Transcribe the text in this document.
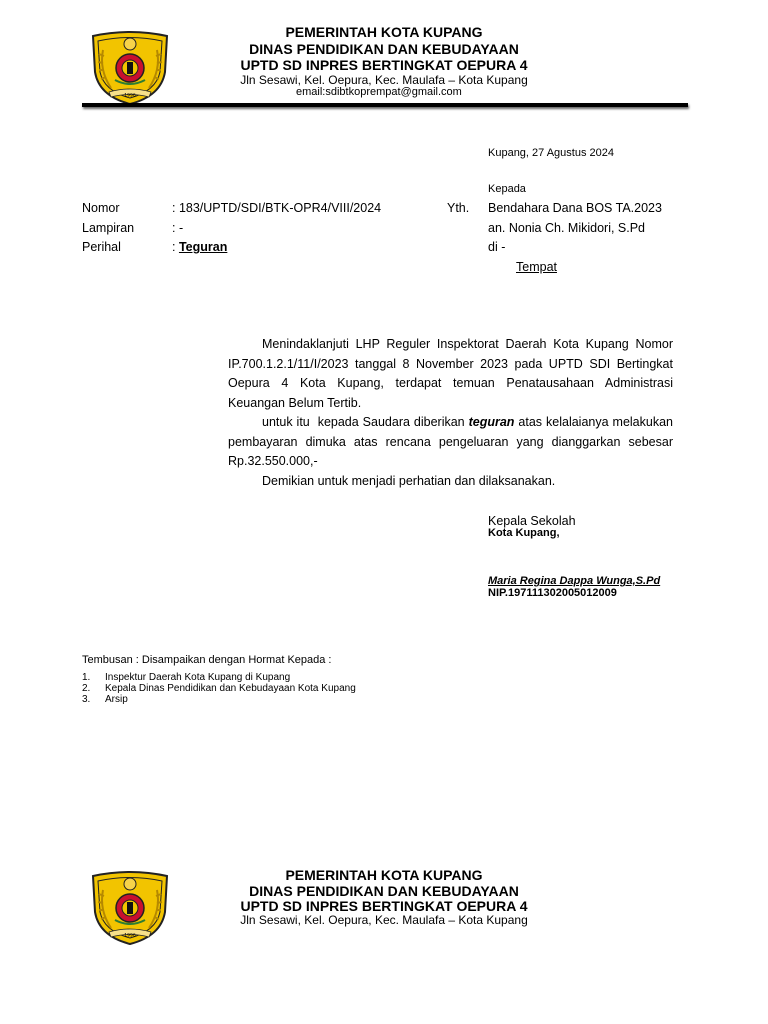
1996
PEMERINTAH KOTA KUPANG
DINAS PENDIDIKAN DAN KEBUDAYAAN
UPTD SD INPRES BERTINGKAT OEPURA 4
Jln Sesawi, Kel. Oepura, Kec. Maulafa – Kota Kupang
email:sdibtkoprempat@gmail.com
Kupang, 27 Agustus 2024
Kepada
Nomor	: 183/UPTD/SDI/BTK-OPR4/VIII/2024	Yth. Bendahara Dana BOS TA.2023
Lampiran	: -	an. Nonia Ch. Mikidori, S.Pd
Perihal	: Teguran	di -
Tempat

Menindaklanjuti LHP Reguler Inspektorat Daerah Kota Kupang Nomor IP.700.1.2.1/11/I/2023 tanggal 8 November 2023 pada UPTD SDI Bertingkat Oepura 4 Kota Kupang, terdapat temuan Penatausahaan Administrasi Keuangan Belum Tertib.

untuk itu  kepada Saudara diberikan teguran atas kelalaianya melakukan pembayaran dimuka atas rencana pengeluaran yang dianggarkan sebesar Rp.32.550.000,-

Demikian untuk menjadi perhatian dan dilaksanakan.

Kepala Sekolah
Kota Kupang,
Maria Regina Dappa Wunga,S.Pd
NIP.197111302005012009
Tembusan : Disampaikan dengan Hormat Kepada :
1. Inspektur Daerah Kota Kupang di Kupang
2. Kepala Dinas Pendidikan dan Kebudayaan Kota Kupang
3. Arsip
1996
PEMERINTAH KOTA KUPANG
DINAS PENDIDIKAN DAN KEBUDAYAAN
UPTD SD INPRES BERTINGKAT OEPURA 4
Jln Sesawi, Kel. Oepura, Kec. Maulafa – Kota Kupang
